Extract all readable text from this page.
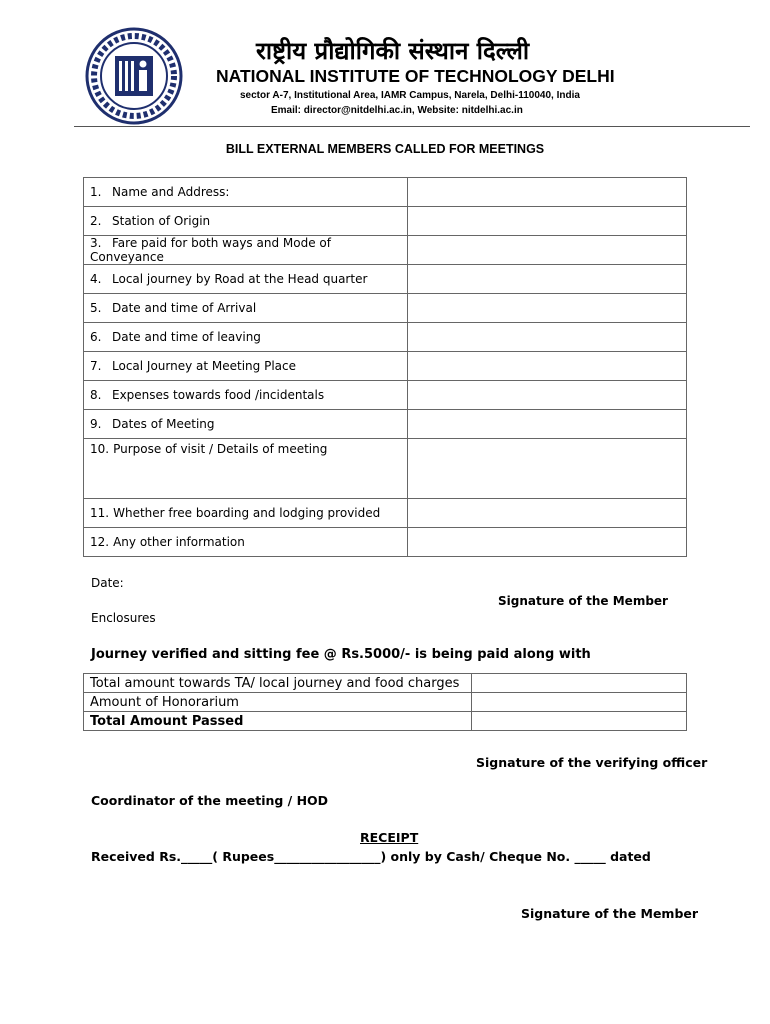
राष्ट्रीय प्रौद्योगिकी संस्थान दिल्ली
NATIONAL INSTITUTE OF TECHNOLOGY DELHI
sector A-7, Institutional Area, IAMR Campus, Narela, Delhi-110040, India
Email: director@nitdelhi.ac.in, Website: nitdelhi.ac.in
BILL EXTERNAL MEMBERS CALLED FOR MEETINGS
1. Name and Address:	
2. Station of Origin	
3. Fare paid for both ways and Mode of Conveyance	
4. Local journey by Road at the Head quarter	
5. Date and time of Arrival	
6. Date and time of leaving	
7. Local Journey at Meeting Place	
8. Expenses towards food /incidentals	
9. Dates of Meeting	
10. Purpose of visit / Details of meeting	
11. Whether free boarding and lodging provided	
12. Any other information	
Date:
Signature of the Member
Enclosures
Journey verified and sitting fee @ Rs.5000/- is being paid along with
Total amount towards TA/ local journey and food charges	
Amount of Honorarium	
Total Amount Passed	
Signature of the verifying officer
Coordinator of the meeting / HOD
RECEIPT
Received Rs._____( Rupees_________________) only by Cash/ Cheque No. _____ dated
Signature of the Member
